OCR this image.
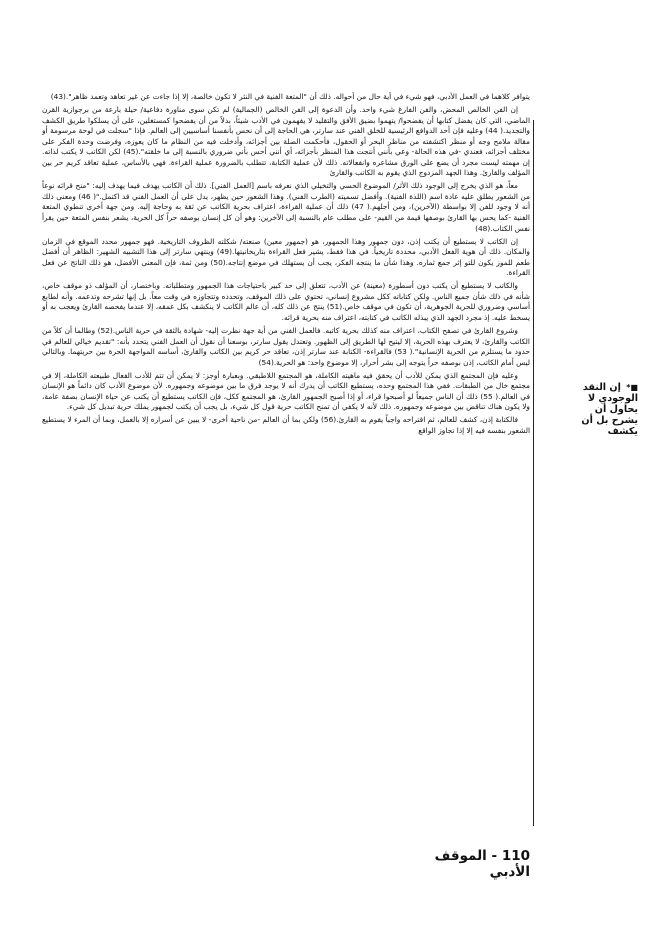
يتوافر كلاهما في العمل الأدبي، فهو شيء في أية حال من أحواله. ذلك أن "المتعة الفنية في النثر لا تكون خالصة، إلا إذا جاءت عن غير تعاهد وتعمد ظاهر".(43)

إن الفن الخالص المحض، والفن الفارغ شيء واحد. وأن الدعوة إلى الفن الخالص (الجمالية) لم تكن سوى مناورة دفاعية/ حيلة بارعة من برجوازية القرن الماضي، التي كان يفضل كتابها أن يفضحوا/ يتهموا بضيق الأفق والتقليد لا يفهمون في الأدب شيئاً، بدلاً من أن يفضحوا كمستغلين، على أن يسلكوا طريق الكشف والتجديد.( 44) وعليه فإن أحد الدوافع الرئيسية للخلق الفني عند سارتر، هي الحاجة إلى أن نحس بأنفسنا أساسيين إلى العالم. فإذا "سجلت في لوحة مرسومة أو مقالة ملامح وجه أو منظر اكتشفته من مناظر البحر أو الحقول، فأحكمت الصلة بين أجزائه، وأدخلت فيه من النظام ما كان يعوزه، وفرضت وحدة الفكر على مختلف أجزائه، فعندي -في هذه الحالة- وعي بأنني أنتجت هذا المنظر بأجزائه، أي أنني أحس بأني ضروري بالنسبة إلى ما خلقته".(45) لكن الكاتب لا يكتب لذاته. إن مهمته ليست مجرد أن يضع على الورق مشاعره وانفعالاته. ذلك لأن عملية الكتابة، تتطلب بالضرورة عملية القراءة. فهي بالأساس، عملية تعاقد كريم حر بين المؤلف والقارئ. وهذا الجهد المزدوج الذي يقوم به الكاتب والقارئ

معاً، هو الذي يخرج إلى الوجود ذلك الأثر/ الموضوع الحسي والتخيلي الذي نعرفه باسم [العمل الفني]. ذلك أن الكاتب يهدف فيما يهدف إليه: "منح قرائه نوعاً من الشعور يطلق عليه عادة اسم (اللذة الفنية). وأفضل تسميته (الطرب الفني). وهذا الشعور حين يظهر، يدل على أن العمل الفني قد اكتمل."( 46) ومعنى ذلك أنه لا وجود للفن إلا بواسطة (الآخرين)، ومن أجلهم.( 47) ذلك أن عملية القراءة، اعتراف بحرية الكاتب عن ثقة به وحاجة إليه. ومن جهة أخرى تنطوي المتعة الفنية -كما يحس بها القارئ بوصفها قيمة من القيم- على مطلب عام بالنسبة إلى الآخرين: وهو أن كل إنسان بوصفه حراً كل الحرية، يشعر بنفس المتعة حين يقرأ نفس الكتاب.(48)

إن الكاتب لا يستطيع أن يكتب إذن، دون جمهور وهذا الجمهور، هو (جمهور معين) صنعته/ شكلته الظروف التاريخية. فهو جمهور محدد الموقع في الزمان والمكان. ذلك أن هوية الفعل الأدبي، محددة تاريخياً. في هذا فقط، يشير فعل القراءة بتاريخانيتها.(49) وينتهي سارتر إلى هذا التشبيه الشهير: الظاهر أن أفضل طعم للموز يكون للتو إثر جمع ثماره. وهذا شأن ما ينتجه الفكر، يجب أن يستهلك في موضع إنتاجه.(50) ومن ثمة، فإن المعنى الأفضل، هو ذلك الناتج عن فعل القراءة.

والكاتب لا يستطيع أن يكتب دون أسطورة (معينة) عن الأدب، تتعلق إلى حد كبير باحتياجات هذا الجمهور ومتطلباته. وباختصار، أن المؤلف ذو موقف خاص، شأنه في ذلك شأن جميع الناس. ولكن كتاباته ككل مشروع إنساني، تحتوي على ذلك الموقف، وتحدده وتتجاوزه في وقت معاً. بل إنها تشرحه وتدعمه. وأنه لطابع أساسي وضروري للحرية الجوهرية، أن تكون في موقف خاص.(51) ينتج عن ذلك كله، أن عالم الكاتب لا ينكشف بكل عمقه، إلا عندما يفحصه القارئ ويعجب به أو يسخط عليه. إذ مجرد الجهد الذي يبذله الكاتب في كتابته، اعتراف منه بحرية قرائه.

وشروع القارئ في تصفح الكتاب، اعتراف منه كذلك بحرية كاتبه. فالعمل الفني من أية جهة نظرت إليه- شهادة بالثقة في حرية الناس.(52) وطالما أن كلاً من الكاتب والقارئ، لا يعترف بهذه الحرية، إلا ليتيح لها الطريق إلى الظهور. وتعتدل يقول سارتر، بوسعنا أن نقول أن العمل الفني يتحدد بأنه: "تقديم خيالي للعالم في حدود ما يستلزم من الحرية الإنسانية".( 53) فالقراءة- الكتابة عند سارتر إذن، تعاقد حر كريم بين الكاتب والقارئ، أساسه المواجهة الحرة بين حريتهما. وبالتالي ليس أمام الكاتب، إذن بوصفه حراً يتوجه إلى بشر أحرار، إلا موضوع واحد: هو الحرية.(54)

وعليه فإن المجتمع الذي يمكن للأدب أن يحقق فيه ماهيته الكاملة، هو المجتمع اللاطبقي. وبعبارة أوجز: لا يمكن أن تتم للأدب الفعال طبيعته الكاملة، إلا في مجتمع خال من الطبقات. ففي هذا المجتمع وحده، يستطيع الكاتب أن يدرك أنه لا يوجد فرق ما بين موضوعه وجمهوره. لأن موضوع الأدب كان دائماً هو الإنسان في العالم.( 55) ذلك أن الناس جميعاً لو أصبحوا قراء، أو إذا أصبح الجمهور القارئ، هو المجتمع ككل، فإن الكاتب يستطيع أن يكتب عن حياة الإنسان بصفة عامة، ولا يكون هناك تناقض بين موضوعه وجمهوره. ذلك لأنه لا يكفي أن تمنح الكاتب حرية قول كل شيء، بل يجب أن يكتب لجمهور يملك حرية تبديل كل شيء.

فالكتابة إذن، كشف للعالم، ثم اقتراحه واجباً يقوم به القارئ.(56) ولكن بما أن العالم -من ناحية أخرى- لا يبين عن أسراره إلا بالعمل، وبما أن المرء لا يستطيع الشعور بنفسه فيه إلا إذا تجاوز الواقع

■* إن النقد الوجودي لا يحاول أن يشرح بل أن يكشف
110 - الموقف الأدبي
